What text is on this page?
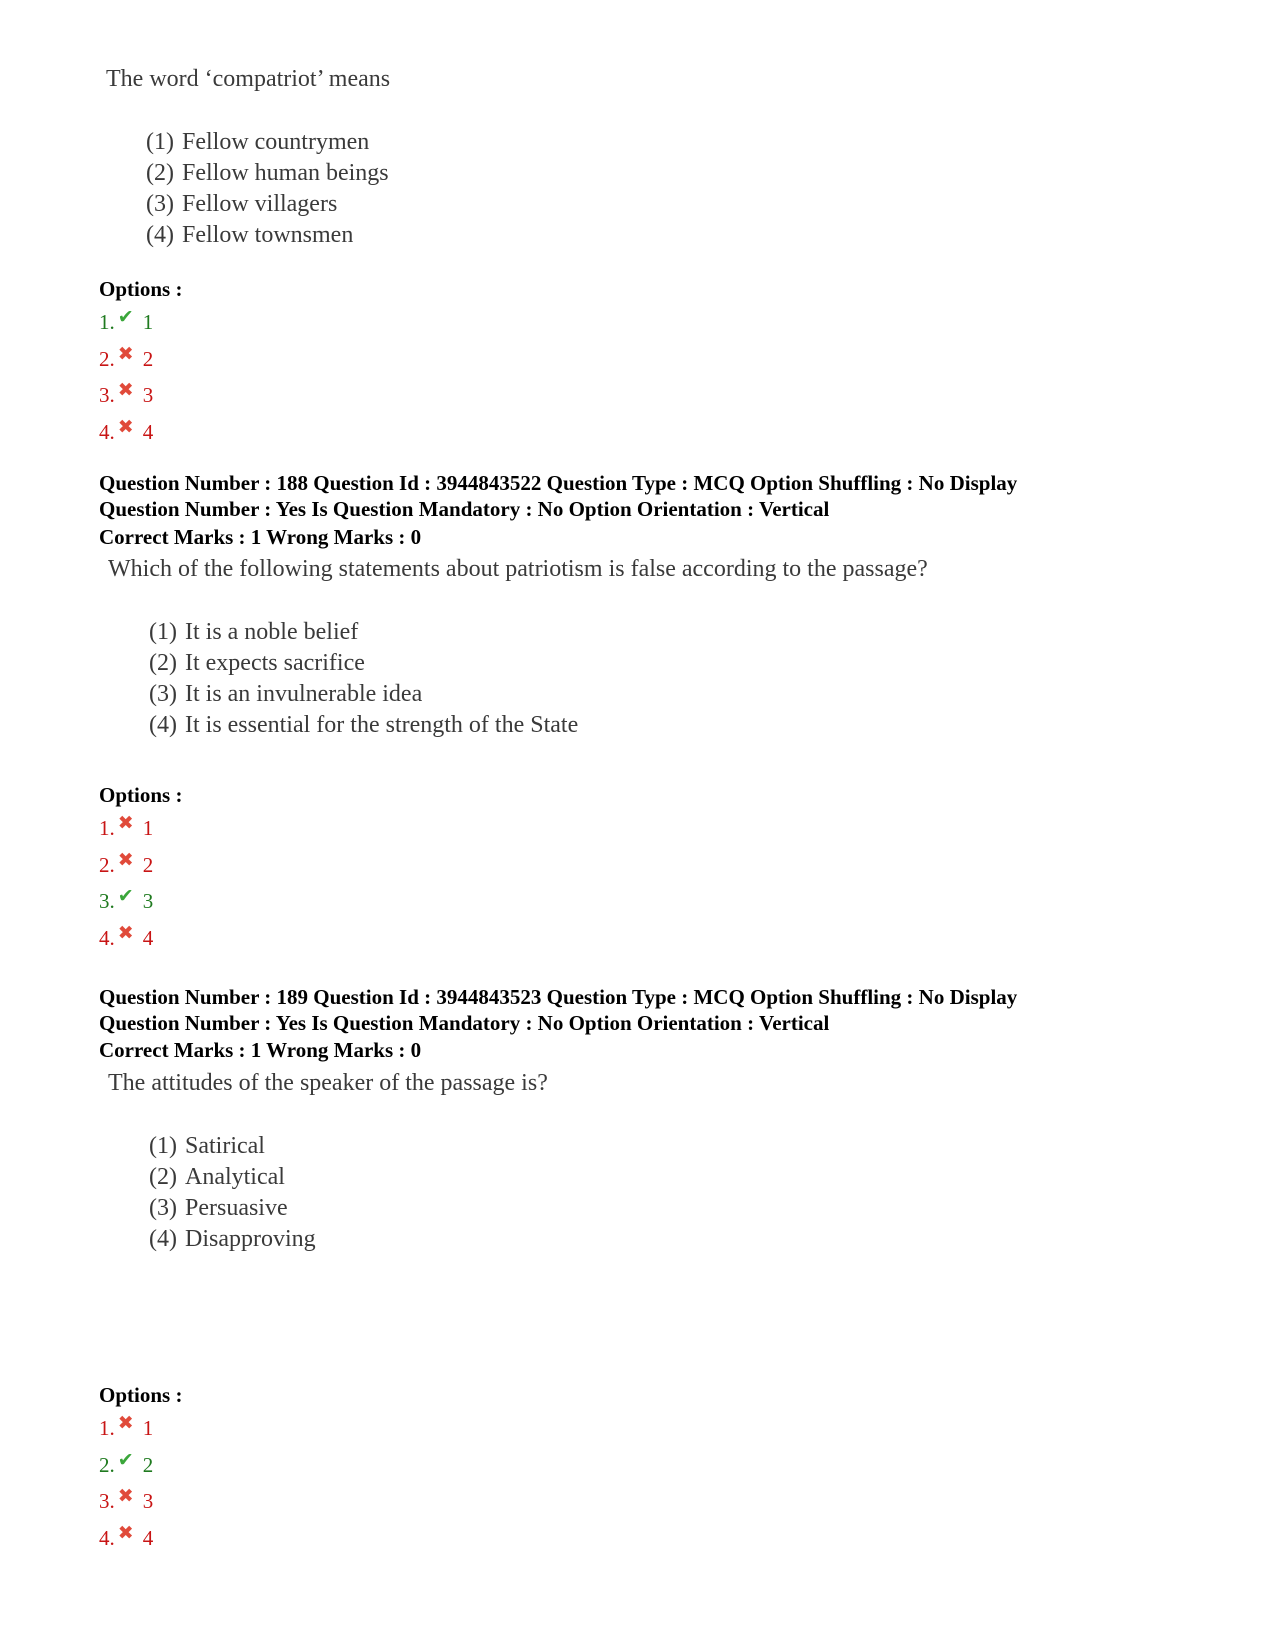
The word ‘compatriot’ means
(1) Fellow countrymen
(2) Fellow human beings
(3) Fellow villagers
(4) Fellow townsmen
Options :
1. ✔ 1
2. ✖ 2
3. ✖ 3
4. ✖ 4
Question Number : 188 Question Id : 3944843522 Question Type : MCQ Option Shuffling : No Display
Question Number : Yes Is Question Mandatory : No Option Orientation : Vertical
Correct Marks : 1 Wrong Marks : 0
Which of the following statements about patriotism is false according to the passage?
(1) It is a noble belief
(2) It expects sacrifice
(3) It is an invulnerable idea
(4) It is essential for the strength of the State
Options :
1. ✖ 1
2. ✖ 2
3. ✔ 3
4. ✖ 4
Question Number : 189 Question Id : 3944843523 Question Type : MCQ Option Shuffling : No Display
Question Number : Yes Is Question Mandatory : No Option Orientation : Vertical
Correct Marks : 1 Wrong Marks : 0
The attitudes of the speaker of the passage is?
(1) Satirical
(2) Analytical
(3) Persuasive
(4) Disapproving
Options :
1. ✖ 1
2. ✔ 2
3. ✖ 3
4. ✖ 4
